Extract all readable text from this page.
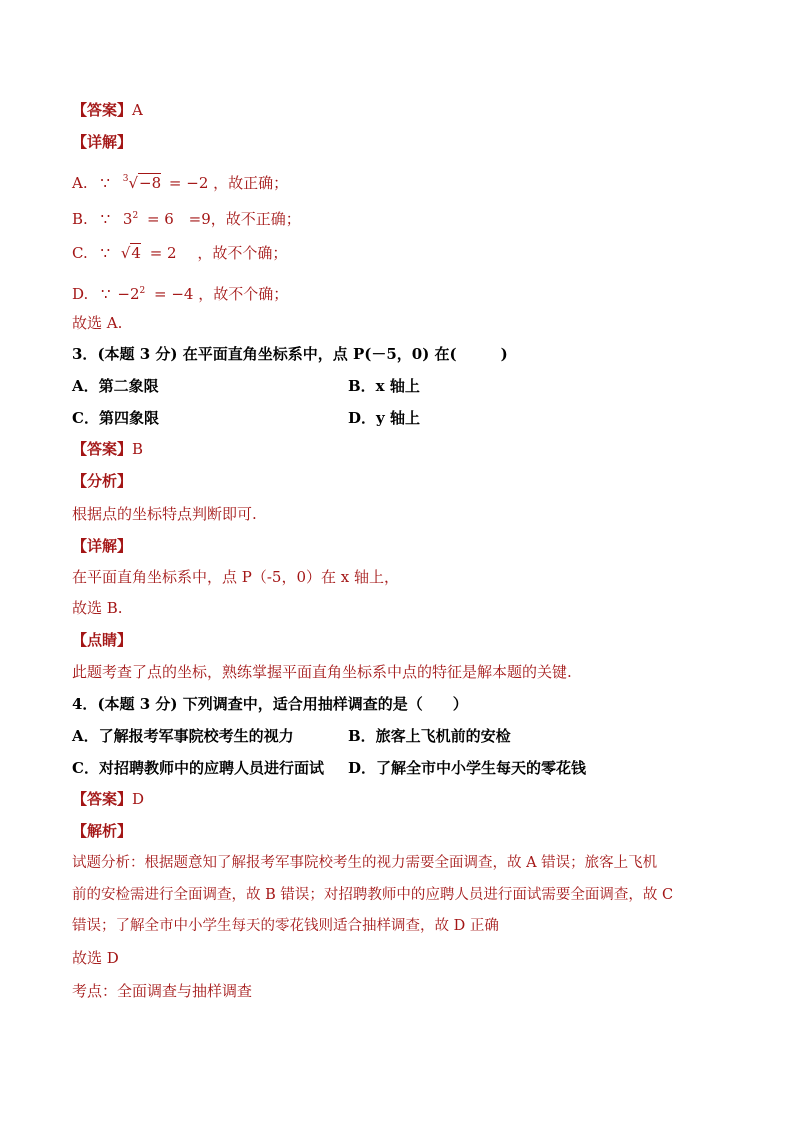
【答案】A
【详解】
A. ∵ $^3$√−8 = −2 ，故正确；
B. ∵ $3^2 = 6 =9$，故不正确；
C. ∵ √4 = 2 ，故不个确；
D. ∵ $-2^2 = -4$ ，故不个确；
故选 A.
3．(本题 3 分) 在平面直角坐标系中，点 P(－5，0) 在(	)
A．第二象限	B．x 轴上
C．第四象限	D．y 轴上
【答案】B
【分析】
根据点的坐标特点判断即可.
【详解】
在平面直角坐标系中，点 P（-5，0）在 x 轴上，
故选 B.
【点睛】
此题考查了点的坐标，熟练掌握平面直角坐标系中点的特征是解本题的关键.
4．(本题 3 分) 下列调查中，适合用抽样调查的是（ ）
A．了解报考军事院校考生的视力	B．旅客上飞机前的安检
C．对招聘教师中的应聘人员进行面试 D．了解全市中小学生每天的零花钱
【答案】D
【解析】
试题分析：根据题意知了解报考军事院校考生的视力需要全面调查，故 A 错误；旅客上飞机
前的安检需进行全面调查，故 B 错误；对招聘教师中的应聘人员进行面试需要全面调查，故 C
错误；了解全市中小学生每天的零花钱则适合抽样调查，故 D 正确
故选 D
考点：全面调查与抽样调查
